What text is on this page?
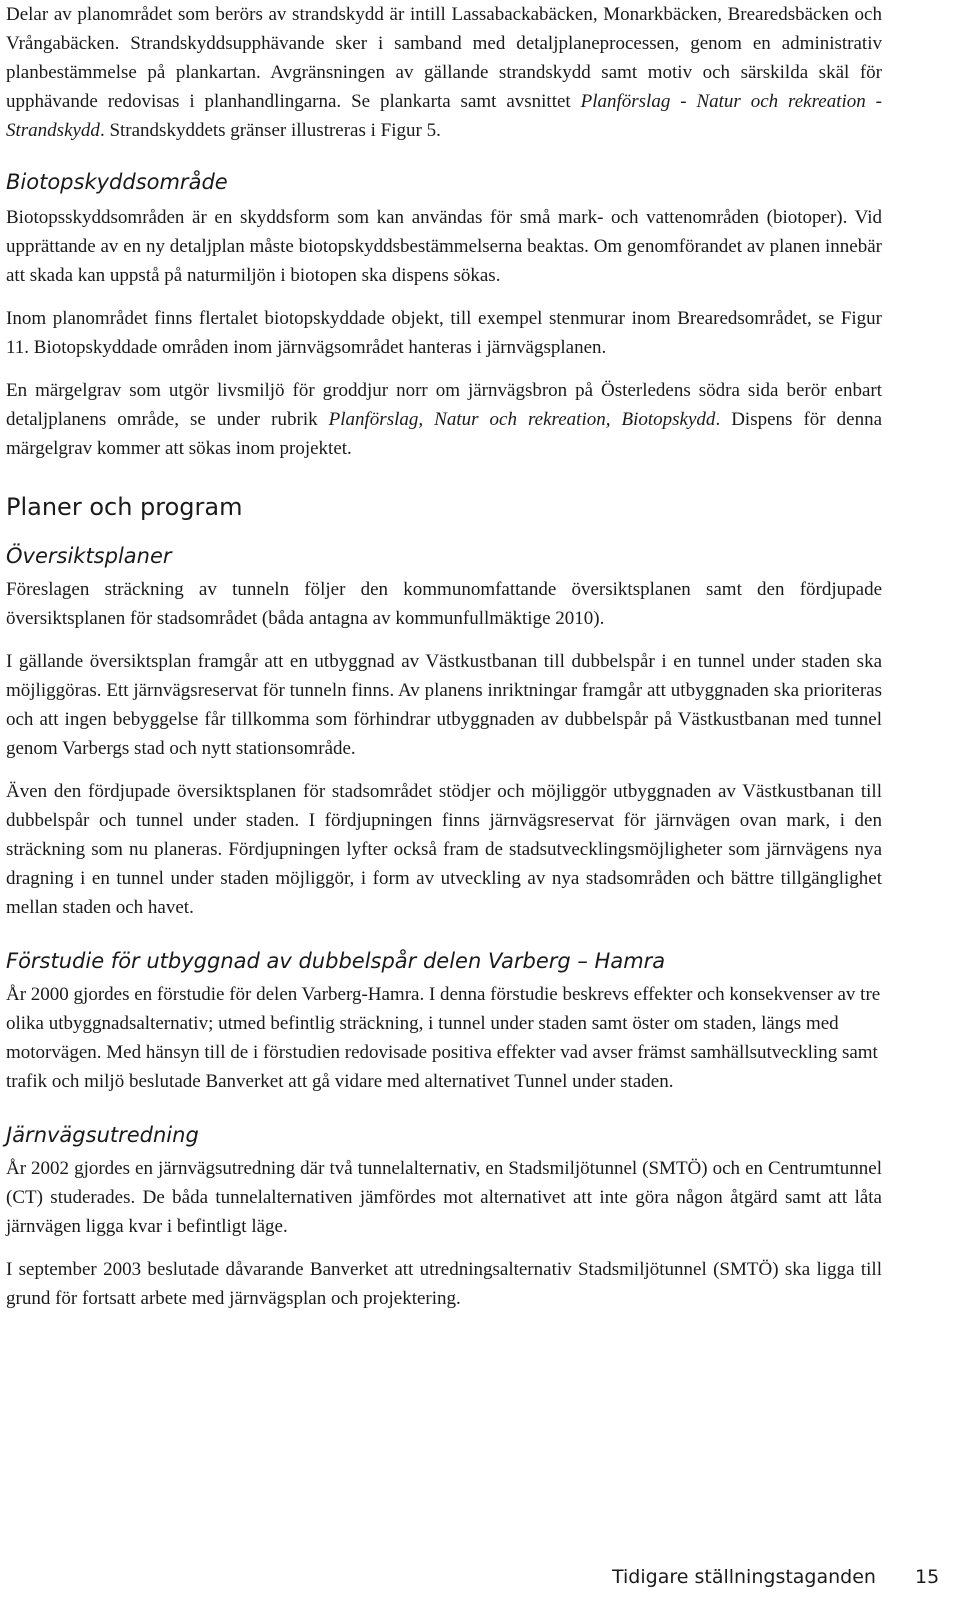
Delar av planområdet som berörs av strandskydd är intill Lassabackabäcken, Monarkbäcken, Brearedsbäcken och Vrångabäcken. Strandskyddsupphävande sker i samband med detaljplaneprocessen, genom en administrativ planbestämmelse på plankartan. Avgränsningen av gällande strandskydd samt motiv och särskilda skäl för upphävande redovisas i planhandlingarna. Se plankarta samt avsnittet Planförslag - Natur och rekreation - Strandskydd. Strandskyddets gränser illustreras i Figur 5.

Biotopskyddsområde

Biotopsskyddsområden är en skyddsform som kan användas för små mark- och vattenområden (biotoper). Vid upprättande av en ny detaljplan måste biotopskyddsbestämmelserna beaktas. Om genomförandet av planen innebär att skada kan uppstå på naturmiljön i biotopen ska dispens sökas.

Inom planområdet finns flertalet biotopskyddade objekt, till exempel stenmurar inom Brearedsområdet, se Figur 11. Biotopskyddade områden inom järnvägsområdet hanteras i järnvägsplanen.

En märgelgrav som utgör livsmiljö för groddjur norr om järnvägsbron på Österledens södra sida berör enbart detaljplanens område, se under rubrik Planförslag, Natur och rekreation, Biotopskydd. Dispens för denna märgelgrav kommer att sökas inom projektet.

Planer och program
Översiktsplaner

Föreslagen sträckning av tunneln följer den kommunomfattande översiktsplanen samt den fördjupade översiktsplanen för stadsområdet (båda antagna av kommunfullmäktige 2010).

I gällande översiktsplan framgår att en utbyggnad av Västkustbanan till dubbelspår i en tunnel under staden ska möjliggöras. Ett järnvägsreservat för tunneln finns. Av planens inriktningar framgår att utbyggnaden ska prioriteras och att ingen bebyggelse får tillkomma som förhindrar utbyggnaden av dubbelspår på Västkustbanan med tunnel genom Varbergs stad och nytt stationsområde.

Även den fördjupade översiktsplanen för stadsområdet stödjer och möjliggör utbyggnaden av Västkustbanan till dubbelspår och tunnel under staden. I fördjupningen finns järnvägsreservat för järnvägen ovan mark, i den sträckning som nu planeras. Fördjupningen lyfter också fram de stadsutvecklingsmöjligheter som järnvägens nya dragning i en tunnel under staden möjliggör, i form av utveckling av nya stadsområden och bättre tillgänglighet mellan staden och havet.

Förstudie för utbyggnad av dubbelspår delen Varberg – Hamra

År 2000 gjordes en förstudie för delen Varberg-Hamra. I denna förstudie beskrevs effekter och konsekvenser av tre olika utbyggnadsalternativ; utmed befintlig sträckning, i tunnel under staden samt öster om staden, längs med motorvägen. Med hänsyn till de i förstudien redovisade positiva effekter vad avser främst samhällsutveckling samt trafik och miljö beslutade Banverket att gå vidare med alternativet Tunnel under staden.

Järnvägsutredning

År 2002 gjordes en järnvägsutredning där två tunnelalternativ, en Stadsmiljötunnel (SMTÖ) och en Centrumtunnel (CT) studerades. De båda tunnelalternativen jämfördes mot alternativet att inte göra någon åtgärd samt att låta järnvägen ligga kvar i befintligt läge.

I september 2003 beslutade dåvarande Banverket att utredningsalternativ Stadsmiljötunnel (SMTÖ) ska ligga till grund för fortsatt arbete med järnvägsplan och projektering.

Tidigare ställningstaganden 15
